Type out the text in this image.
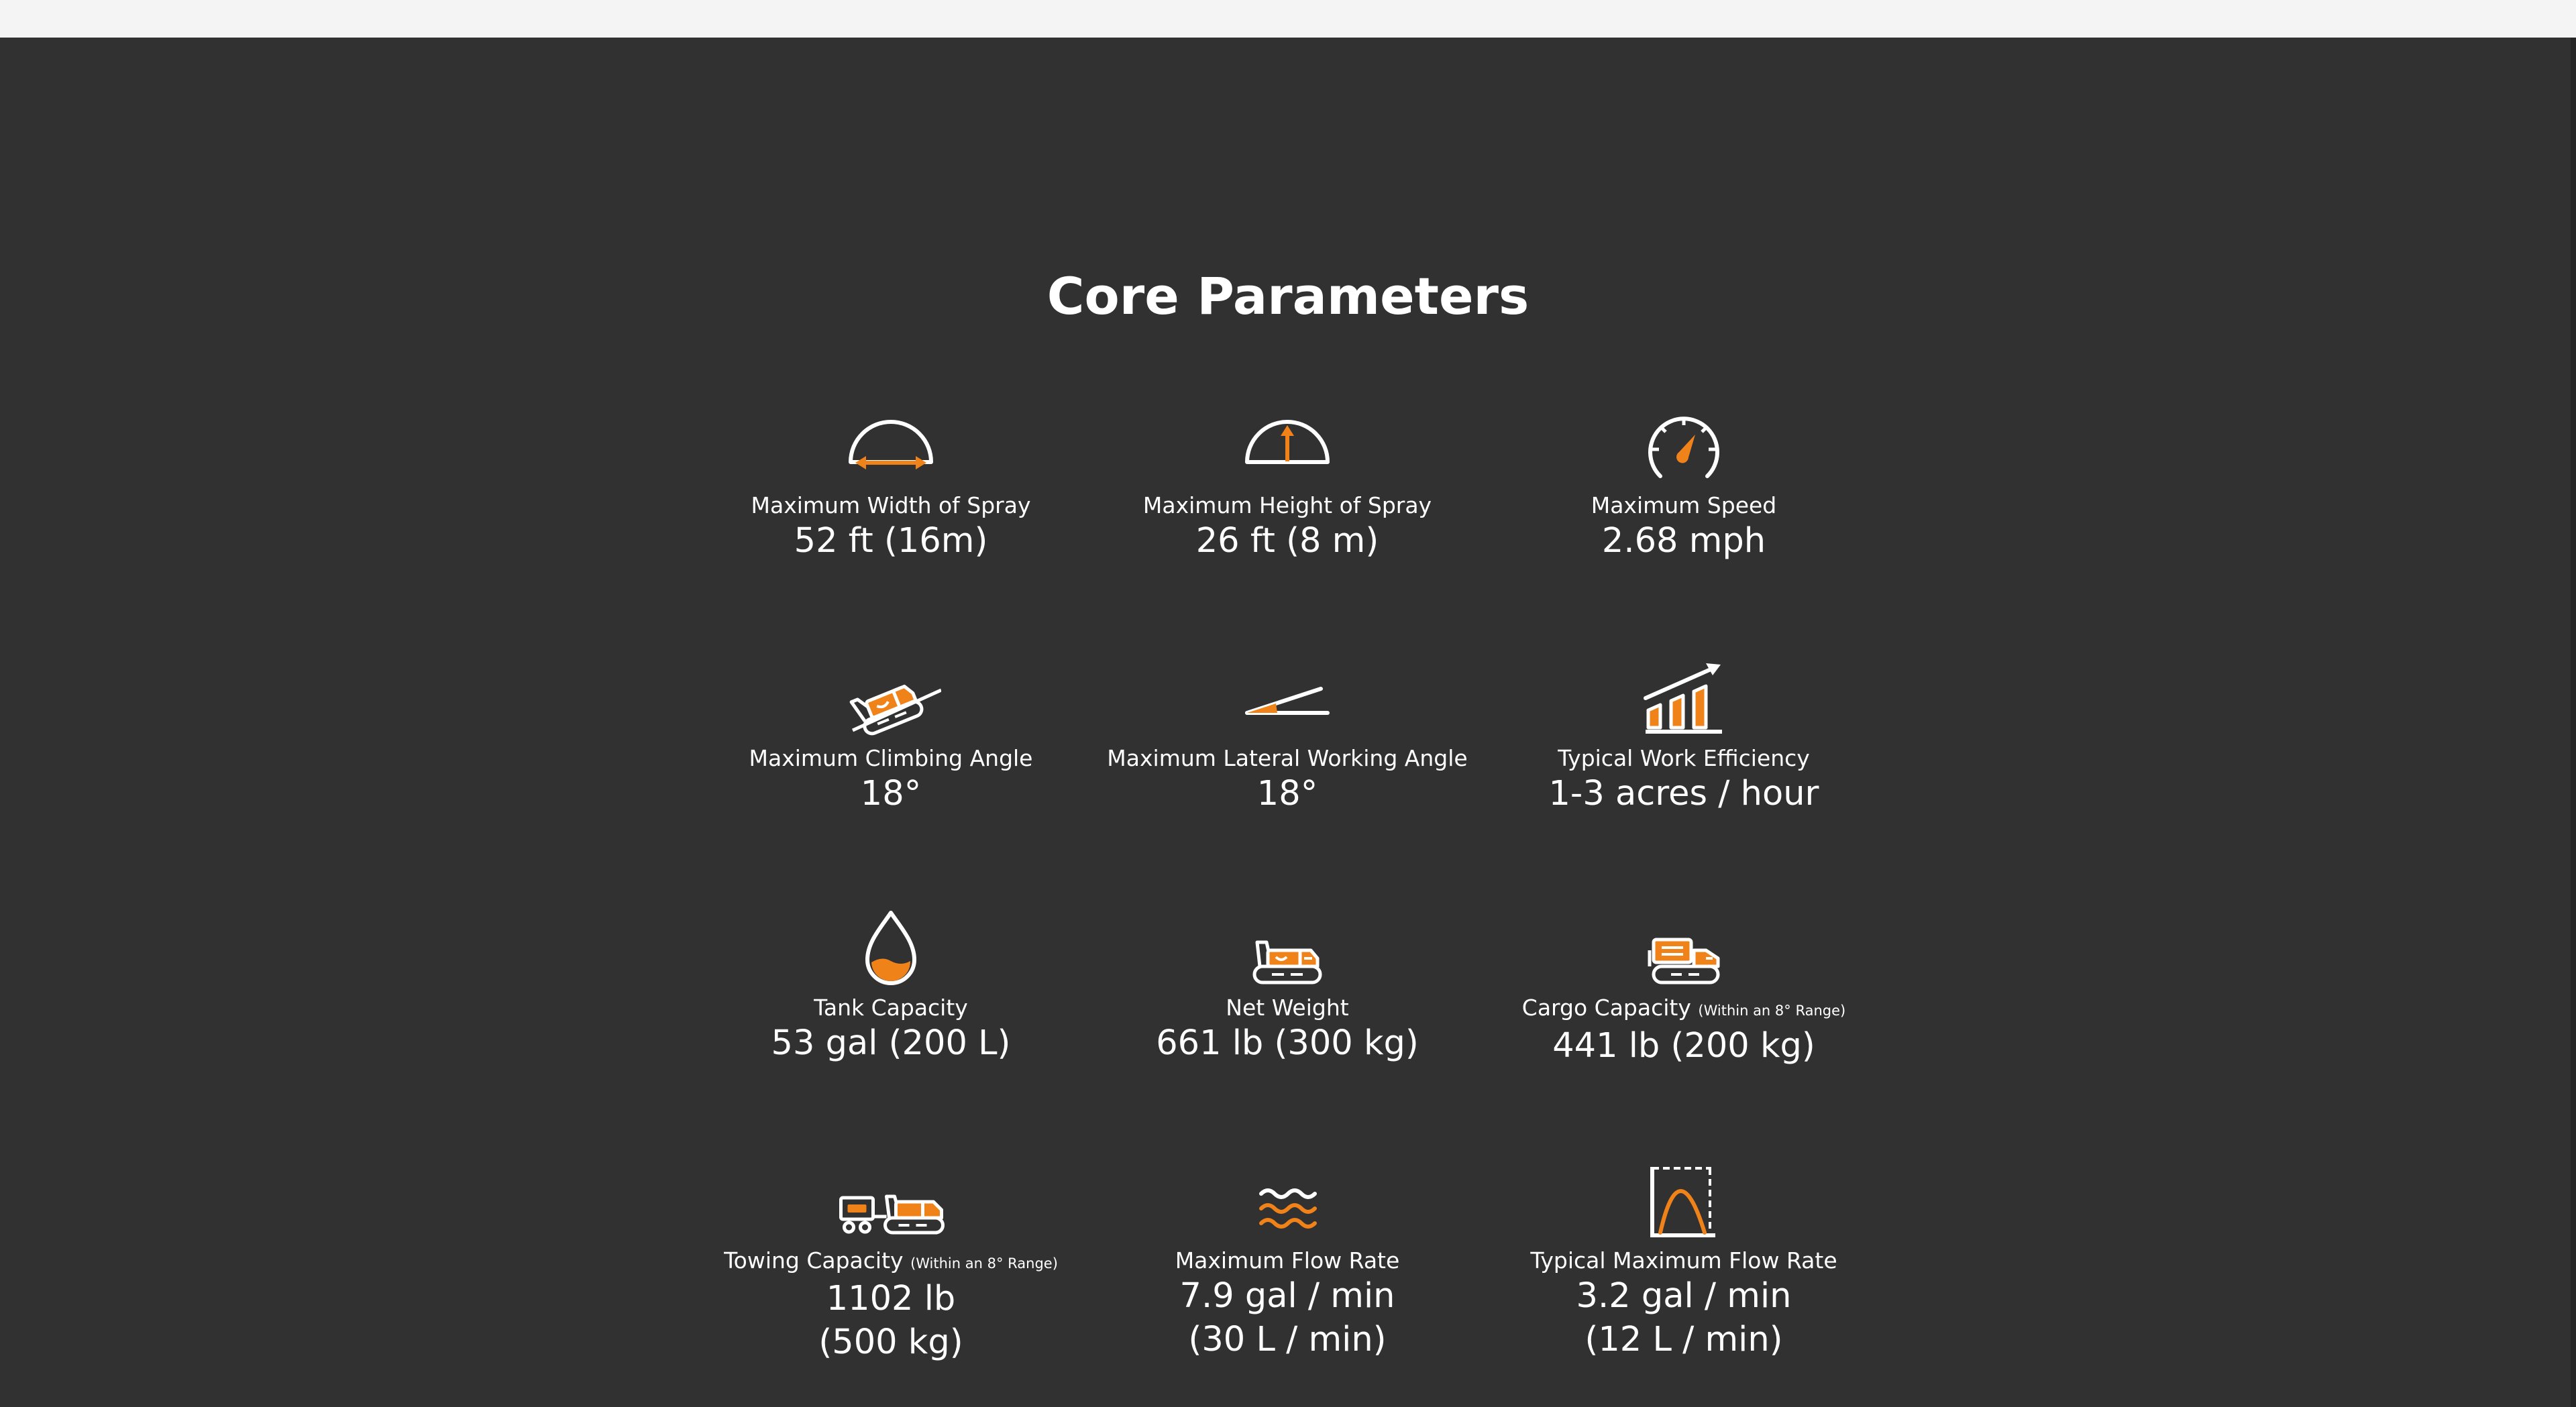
Core Parameters
Maximum Width of Spray
52 ft (16m)
Maximum Height of Spray
26 ft (8 m)
Maximum Speed
2.68 mph
Maximum Climbing Angle
18°
Maximum Lateral Working Angle
18°
Typical Work Efficiency
1-3 acres / hour
Tank Capacity
53 gal (200 L)
Net Weight
661 lb (300 kg)
Cargo Capacity (Within an 8° Range)
441 lb (200 kg)
Towing Capacity (Within an 8° Range)
1102 lb
(500 kg)
Maximum Flow Rate
7.9 gal / min
(30 L / min)
Typical Maximum Flow Rate
3.2 gal / min
(12 L / min)
